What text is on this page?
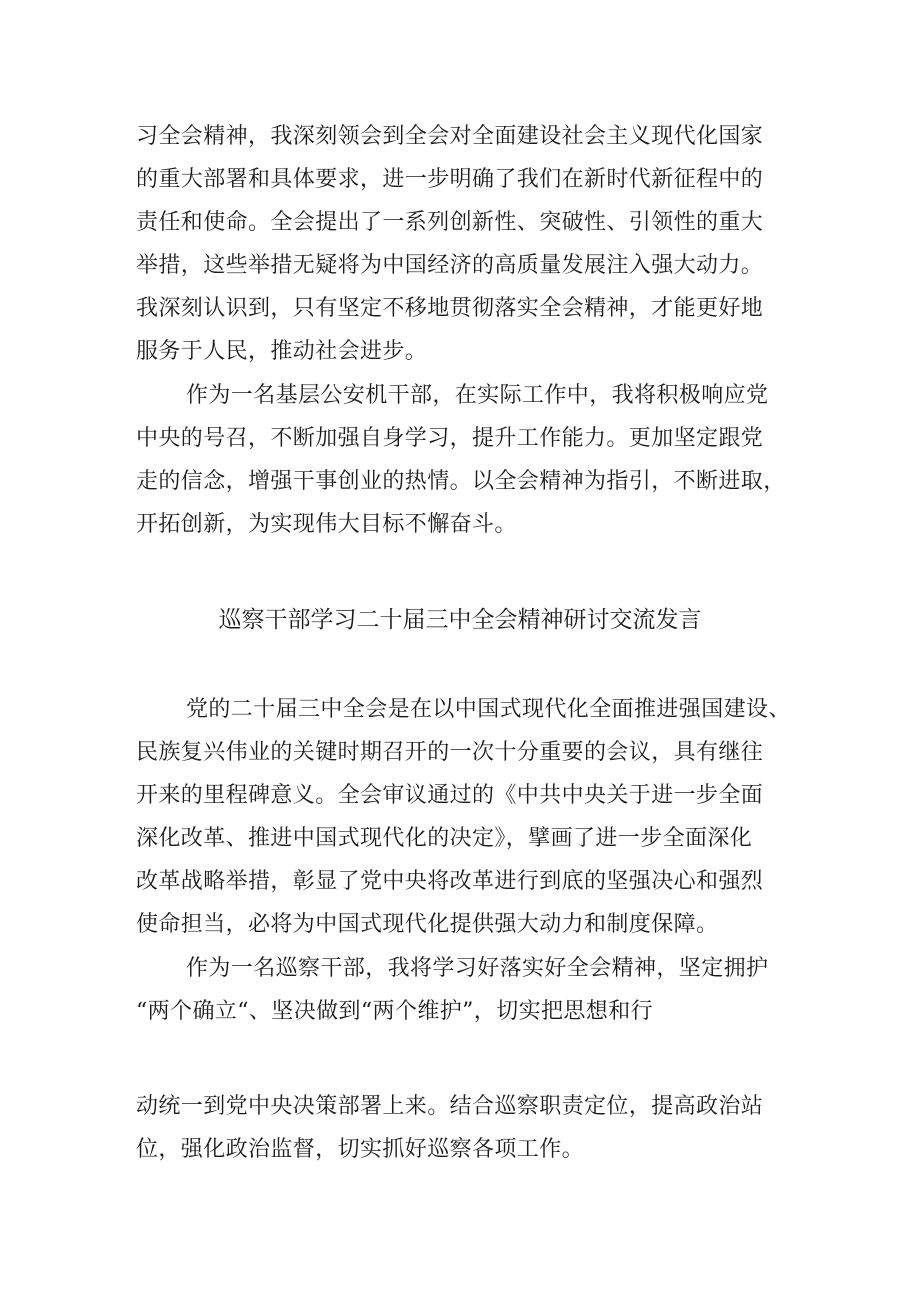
习全会精神，我深刻领会到全会对全面建设社会主义现代化国家
的重大部署和具体要求，进一步明确了我们在新时代新征程中的
责任和使命。全会提出了一系列创新性、突破性、引领性的重大
举措，这些举措无疑将为中国经济的高质量发展注入强大动力。
我深刻认识到，只有坚定不移地贯彻落实全会精神，才能更好地
服务于人民，推动社会进步。
作为一名基层公安机干部，在实际工作中，我将积极响应党
中央的号召，不断加强自身学习，提升工作能力。更加坚定跟党
走的信念，增强干事创业的热情。以全会精神为指引，不断进取，
开拓创新，为实现伟大目标不懈奋斗。
巡察干部学习二十届三中全会精神研讨交流发言
党的二十届三中全会是在以中国式现代化全面推进强国建设、
民族复兴伟业的关键时期召开的一次十分重要的会议，具有继往
开来的里程碑意义。全会审议通过的《中共中央关于进一步全面
深化改革、推进中国式现代化的决定》，擘画了进一步全面深化
改革战略举措，彰显了党中央将改革进行到底的坚强决心和强烈
使命担当，必将为中国式现代化提供强大动力和制度保障。
作为一名巡察干部，我将学习好落实好全会精神，坚定拥护
“两个确立“、坚决做到“两个维护”，切实把思想和行
动统一到党中央决策部署上来。结合巡察职责定位，提高政治站
位，强化政治监督，切实抓好巡察各项工作。
